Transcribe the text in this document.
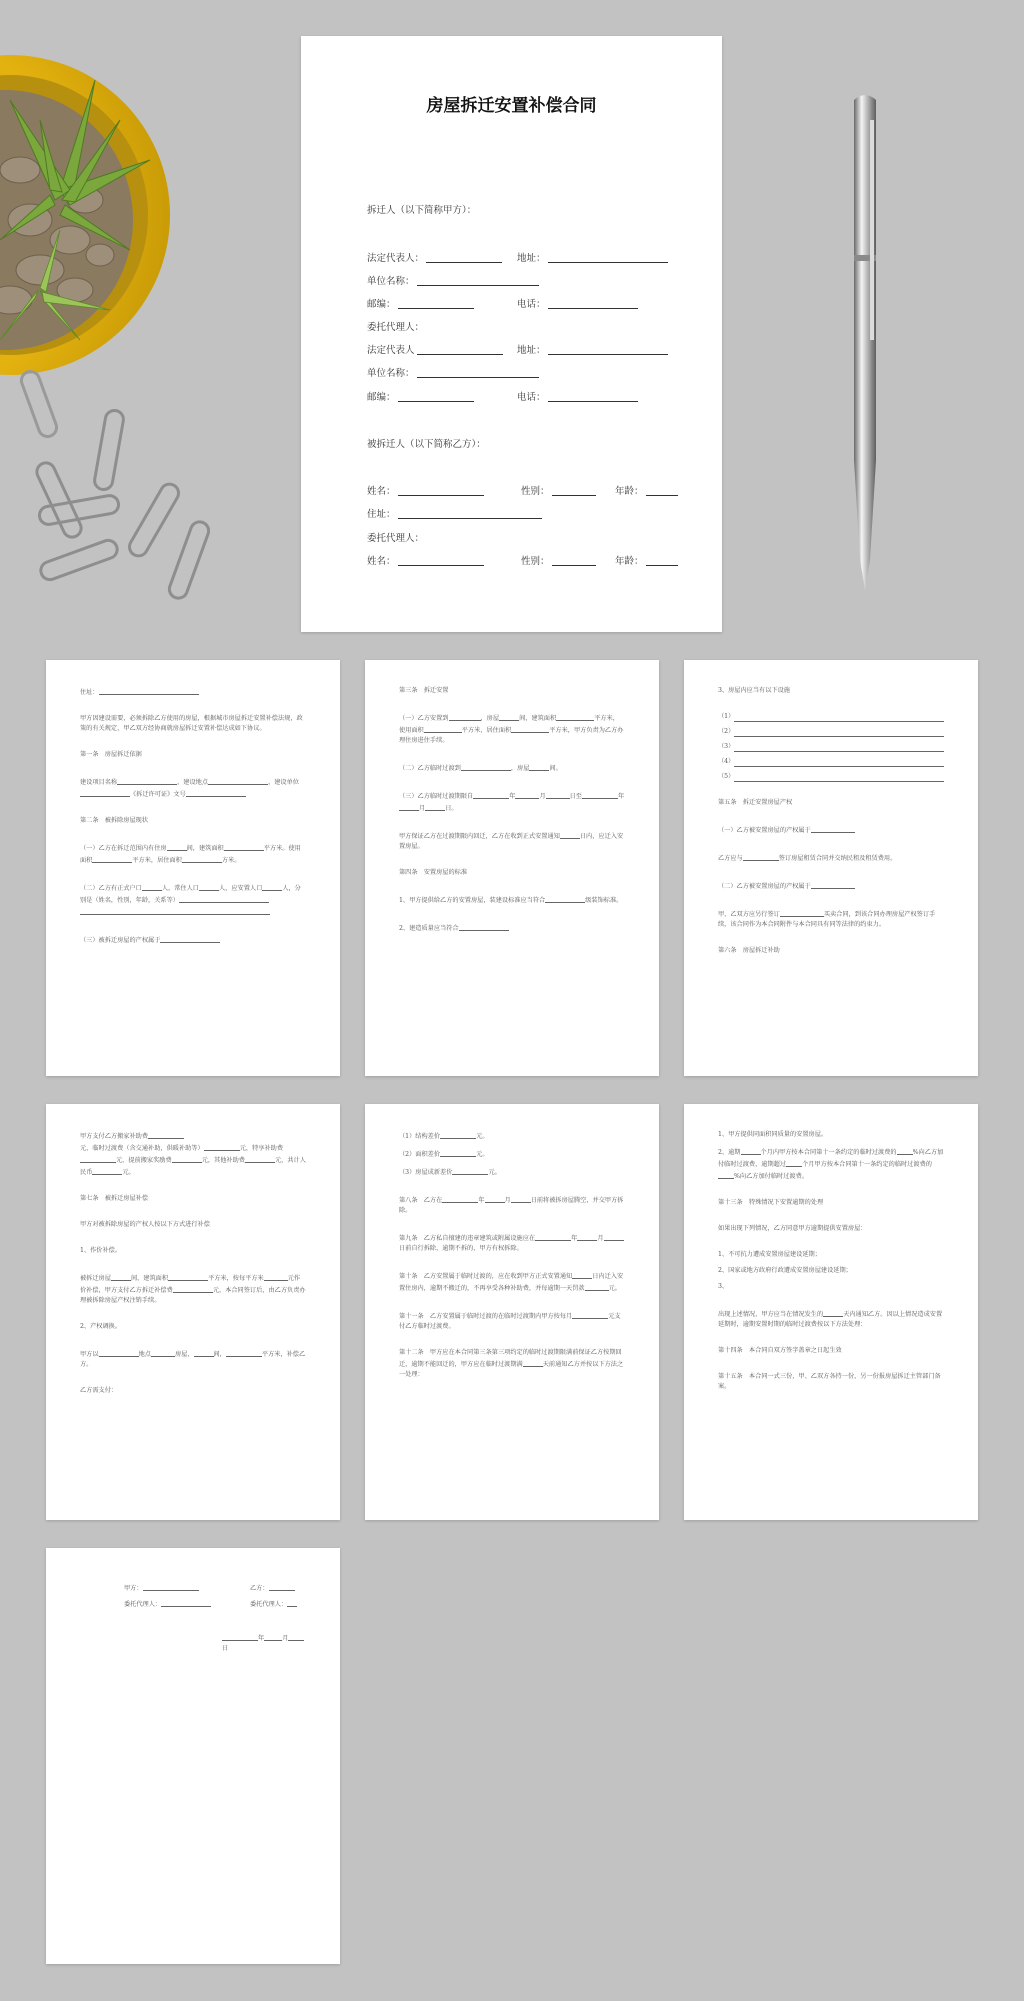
房屋拆迁安置补偿合同
拆迁人（以下简称甲方）：
法定代表人：	地址：
单位名称：
邮编：	电话：
委托代理人：
法定代表人	地址：
单位名称：
邮编：	电话：
被拆迁人（以下简称乙方）：
姓名：	性别：	年龄：
住址：
委托代理人：
姓名：	性别：	年龄：

住址：

甲方因建设需要，必须拆除乙方使用的房屋，根据城市房屋拆迁安置补偿法规，政策的有关规定，甲乙双方经协商就房屋拆迁安置补偿达成如下协议。

第一条　房屋拆迁依据

建设项目名称	，建设地点	，建设单位《拆迁许可证》文号

第二条　被拆除房屋现状

（一）乙方在拆迁范围内有住房	间，建筑面积	平方米。使用面积	平方米，居住面积	方米。

（二）乙方有正式户口	人，常住人口	人，应安置人口	人，分别是（姓名，性别，年龄，关系等）

（三）被拆迁房屋的产权属于

第三条　拆迁安置

（一）乙方安置到	，房屋	间，建筑面积	平方米，使用面积	平方米，居住面积	平方米，甲方负责为乙方办理住房进住手续。

（二）乙方临时过渡到	，房屋	间。

（三）乙方临时过渡期限自	年	月	日至	年月	日。

甲方保证乙方在过渡期限内回迁，乙方在收到正式安置通知	日内，应迁入安置房屋。

第四条　安置房屋的标准

1、甲方提供给乙方的安置房屋，装建设标准应当符合	级装饰标准。

2、建造质量应当符合

3、房屋内应当有以下设施

（1）
（2）
（3）
（4）
（5）

第五条　拆迁安置房屋产权

（一）乙方被安置房屋的产权属于

乙方应与	签订房屋租赁合同并交纳民租及租赁费用。

（二）乙方被安置房屋的产权属于

甲、乙双方应另行签订	买卖合同，到该合同办理房屋产权签订手续，该合同作为本合同附件与本合同具有同等法律的约束力。

第六条　房屋拆迁补助

甲方支付乙方搬家补助费元，临时过渡费（含交通补助，供暖补助等）	元，特享补助费元，提前搬家奖励费	元，其他补助费	元，共计人民币	元。

第七条　被拆迁房屋补偿

甲方对被拆除房屋的产权人按以下方式进行补偿

1、作价补偿。

被拆迁房屋	间，建筑面积	平方米，按每平方米	元作价补偿，甲方支付乙方拆迁补偿费	元，本合同签订后，由乙方负责办理被拆除房屋产权注销手续。

2、产权调换。

甲方以	地点	房屋，	间，	平方米，补偿乙方。

乙方需支付：

（1）结构差价	元。
（2）面积差价	元。
（3）房屋成新差价	元。

第八条　乙方在	年	月	日前将被拆房屋腾空，并交甲方拆除。

第九条　乙方私自擅建的违章建筑或附属设施应在	年	月日前自行拆除，逾期不拆的，甲方有权拆除。

第十条　乙方安置属于临时过渡的，应在收到甲方正式安置通知	日内迁入安置住房内，逾期不搬迁的，不再享受各种补助费，并每逾期一天罚款	元。

第十一条　乙方安置属于临时过渡的在临时过渡期内甲方按每月	元支付乙方临时过渡费。

第十二条　甲方应在本合同第三条第三项约定的临时过渡期限满前保证乙方按期回迁，逾期不能回迁的，甲方应在临时过渡期满	天前通知乙方并按以下方法之一处理：

1、甲方提供同面积同质量的安置房屋。

2、逾期	个月内甲方按本合同第十一条约定的临时过渡费的	%向乙方加付临时过渡费，逾期超过	个月甲方按本合同第十一条约定的临时过渡费的%向乙方加付临时过渡费。

第十三条　特殊情况下安置逾期的处理

如果出现下列情况，乙方同意甲方逾期提供安置房屋：

1、不可抗力遭成安置房屋建设延期；

2、国家或地方政府行政遭成安置房屋建设延期；

3、

出现上述情况，甲方应当在情况发生的	天内通知乙方。因以上情况造成安置延期时，逾期安置时期的临时过渡费按以下方法处理：

第十四条　本合同自双方签字盖章之日起生效

第十五条　本合同一式三份，甲、乙双方各持一份，另一份报房屋拆迁主管部门备案。

甲方：	乙方：
委托代理人：	委托代理人：
年	月日
